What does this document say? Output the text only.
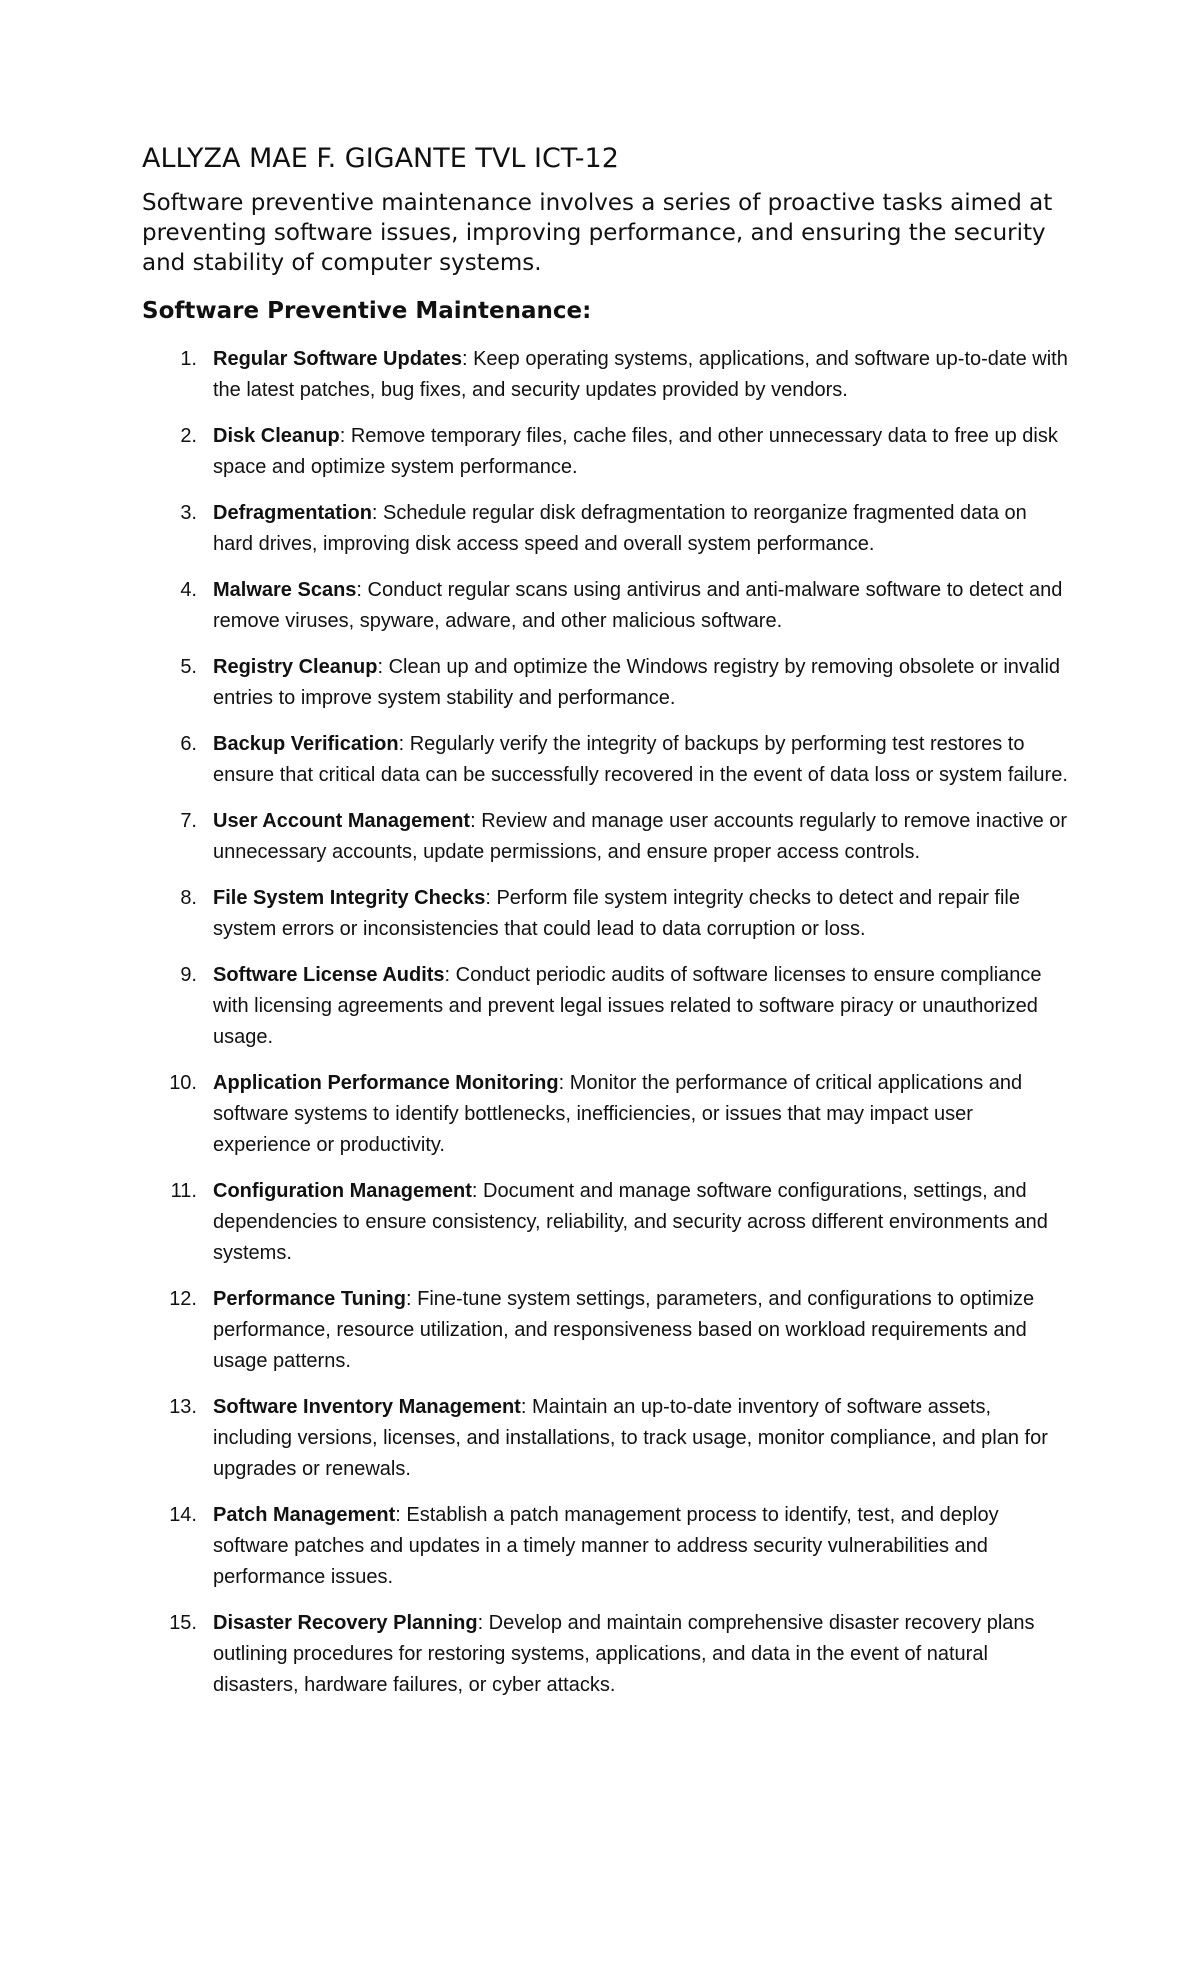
ALLYZA MAE F. GIGANTE TVL ICT-12

Software preventive maintenance involves a series of proactive tasks aimed at preventing software issues, improving performance, and ensuring the security and stability of computer systems.

Software Preventive Maintenance:

1. Regular Software Updates: Keep operating systems, applications, and software up-to-date with the latest patches, bug fixes, and security updates provided by vendors.
2. Disk Cleanup: Remove temporary files, cache files, and other unnecessary data to free up disk space and optimize system performance.
3. Defragmentation: Schedule regular disk defragmentation to reorganize fragmented data on hard drives, improving disk access speed and overall system performance.
4. Malware Scans: Conduct regular scans using antivirus and anti-malware software to detect and remove viruses, spyware, adware, and other malicious software.
5. Registry Cleanup: Clean up and optimize the Windows registry by removing obsolete or invalid entries to improve system stability and performance.
6. Backup Verification: Regularly verify the integrity of backups by performing test restores to ensure that critical data can be successfully recovered in the event of data loss or system failure.
7. User Account Management: Review and manage user accounts regularly to remove inactive or unnecessary accounts, update permissions, and ensure proper access controls.
8. File System Integrity Checks: Perform file system integrity checks to detect and repair file system errors or inconsistencies that could lead to data corruption or loss.
9. Software License Audits: Conduct periodic audits of software licenses to ensure compliance with licensing agreements and prevent legal issues related to software piracy or unauthorized usage.
10. Application Performance Monitoring: Monitor the performance of critical applications and software systems to identify bottlenecks, inefficiencies, or issues that may impact user experience or productivity.
11. Configuration Management: Document and manage software configurations, settings, and dependencies to ensure consistency, reliability, and security across different environments and systems.
12. Performance Tuning: Fine-tune system settings, parameters, and configurations to optimize performance, resource utilization, and responsiveness based on workload requirements and usage patterns.
13. Software Inventory Management: Maintain an up-to-date inventory of software assets, including versions, licenses, and installations, to track usage, monitor compliance, and plan for upgrades or renewals.
14. Patch Management: Establish a patch management process to identify, test, and deploy software patches and updates in a timely manner to address security vulnerabilities and performance issues.
15. Disaster Recovery Planning: Develop and maintain comprehensive disaster recovery plans outlining procedures for restoring systems, applications, and data in the event of natural disasters, hardware failures, or cyber attacks.
